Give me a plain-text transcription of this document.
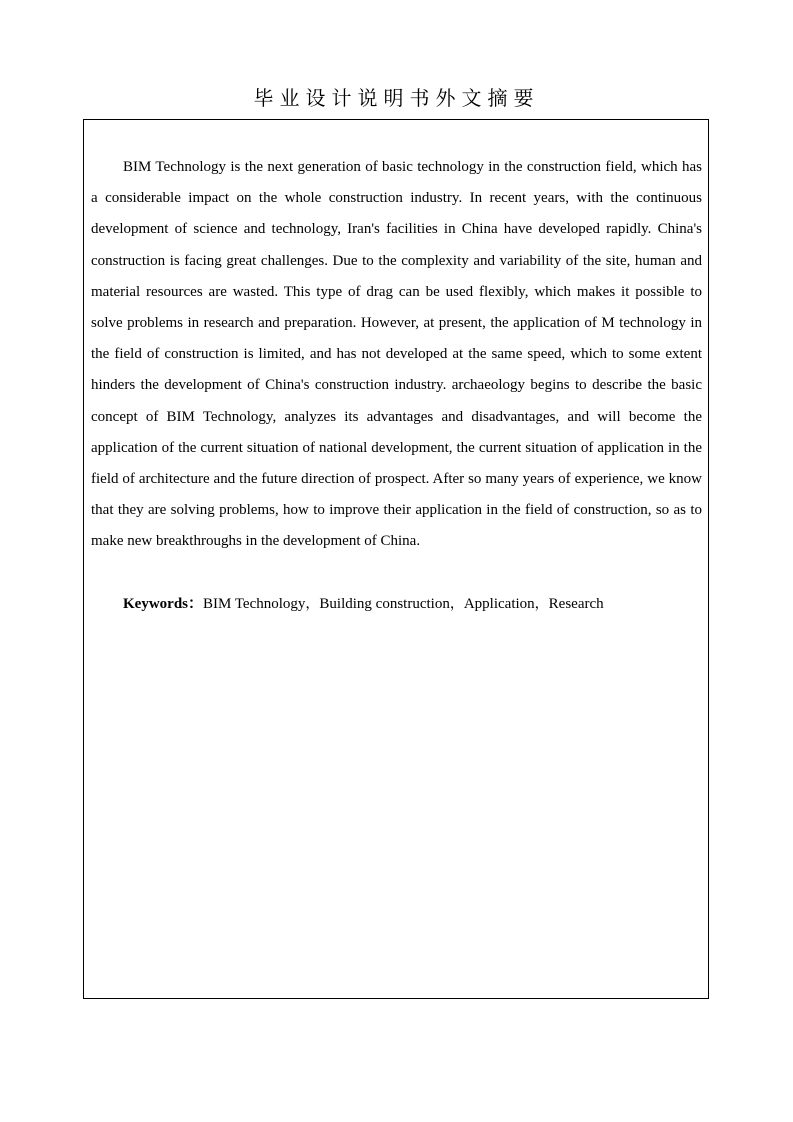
毕业设计说明书外文摘要

BIM Technology is the next generation of basic technology in the construction field, which has a considerable impact on the whole construction industry. In recent years, with the continuous development of science and technology, Iran's facilities in China have developed rapidly. China's construction is facing great challenges. Due to the complexity and variability of the site, human and material resources are wasted. This type of drag can be used flexibly, which makes it possible to solve problems in research and preparation. However, at present, the application of M technology in the field of construction is limited, and has not developed at the same speed, which to some extent hinders the development of China's construction industry. archaeology begins to describe the basic concept of BIM Technology, analyzes its advantages and disadvantages, and will become the application of the current situation of national development, the current situation of application in the field of architecture and the future direction of prospect. After so many years of experience, we know that they are solving problems, how to improve their application in the field of construction, so as to make new breakthroughs in the development of China.

Keywords：BIM Technology，Building construction，Application，Research
